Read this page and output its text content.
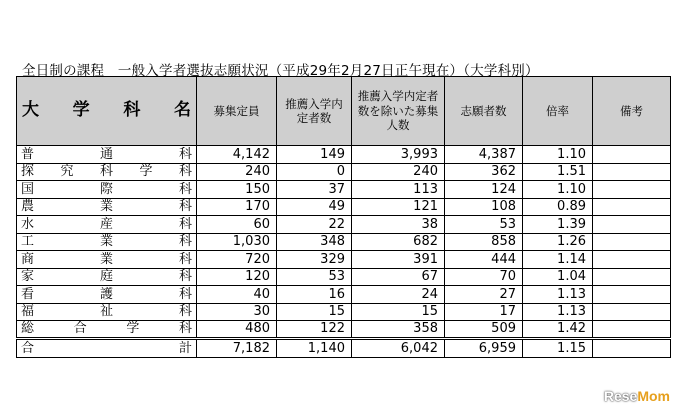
全日制の課程　一般入学者選抜志願状況（平成29年2月27日正午現在）（大学科別）
大 学 科 名	募集定員	推薦入学内定者数	推薦入学内定者数を除いた募集人数	志願者数	倍率	備考

普 通 科	4,142	149	3,993	4,387	1.10	

探 究 科 学 科	240	0	240	362	1.51	

国 際 科	150	37	113	124	1.10	

農 業 科	170	49	121	108	0.89	

水 産 科	60	22	38	53	1.39	

工 業 科	1,030	348	682	858	1.26	

商 業 科	720	329	391	444	1.14	

家 庭 科	120	53	67	70	1.04	

看 護 科	40	16	24	27	1.13	

福 祉 科	30	15	15	17	1.13	

総 合 学 科	480	122	358	509	1.42	

合 計	7,182	1,140	6,042	6,959	1.15	
ReseMom
